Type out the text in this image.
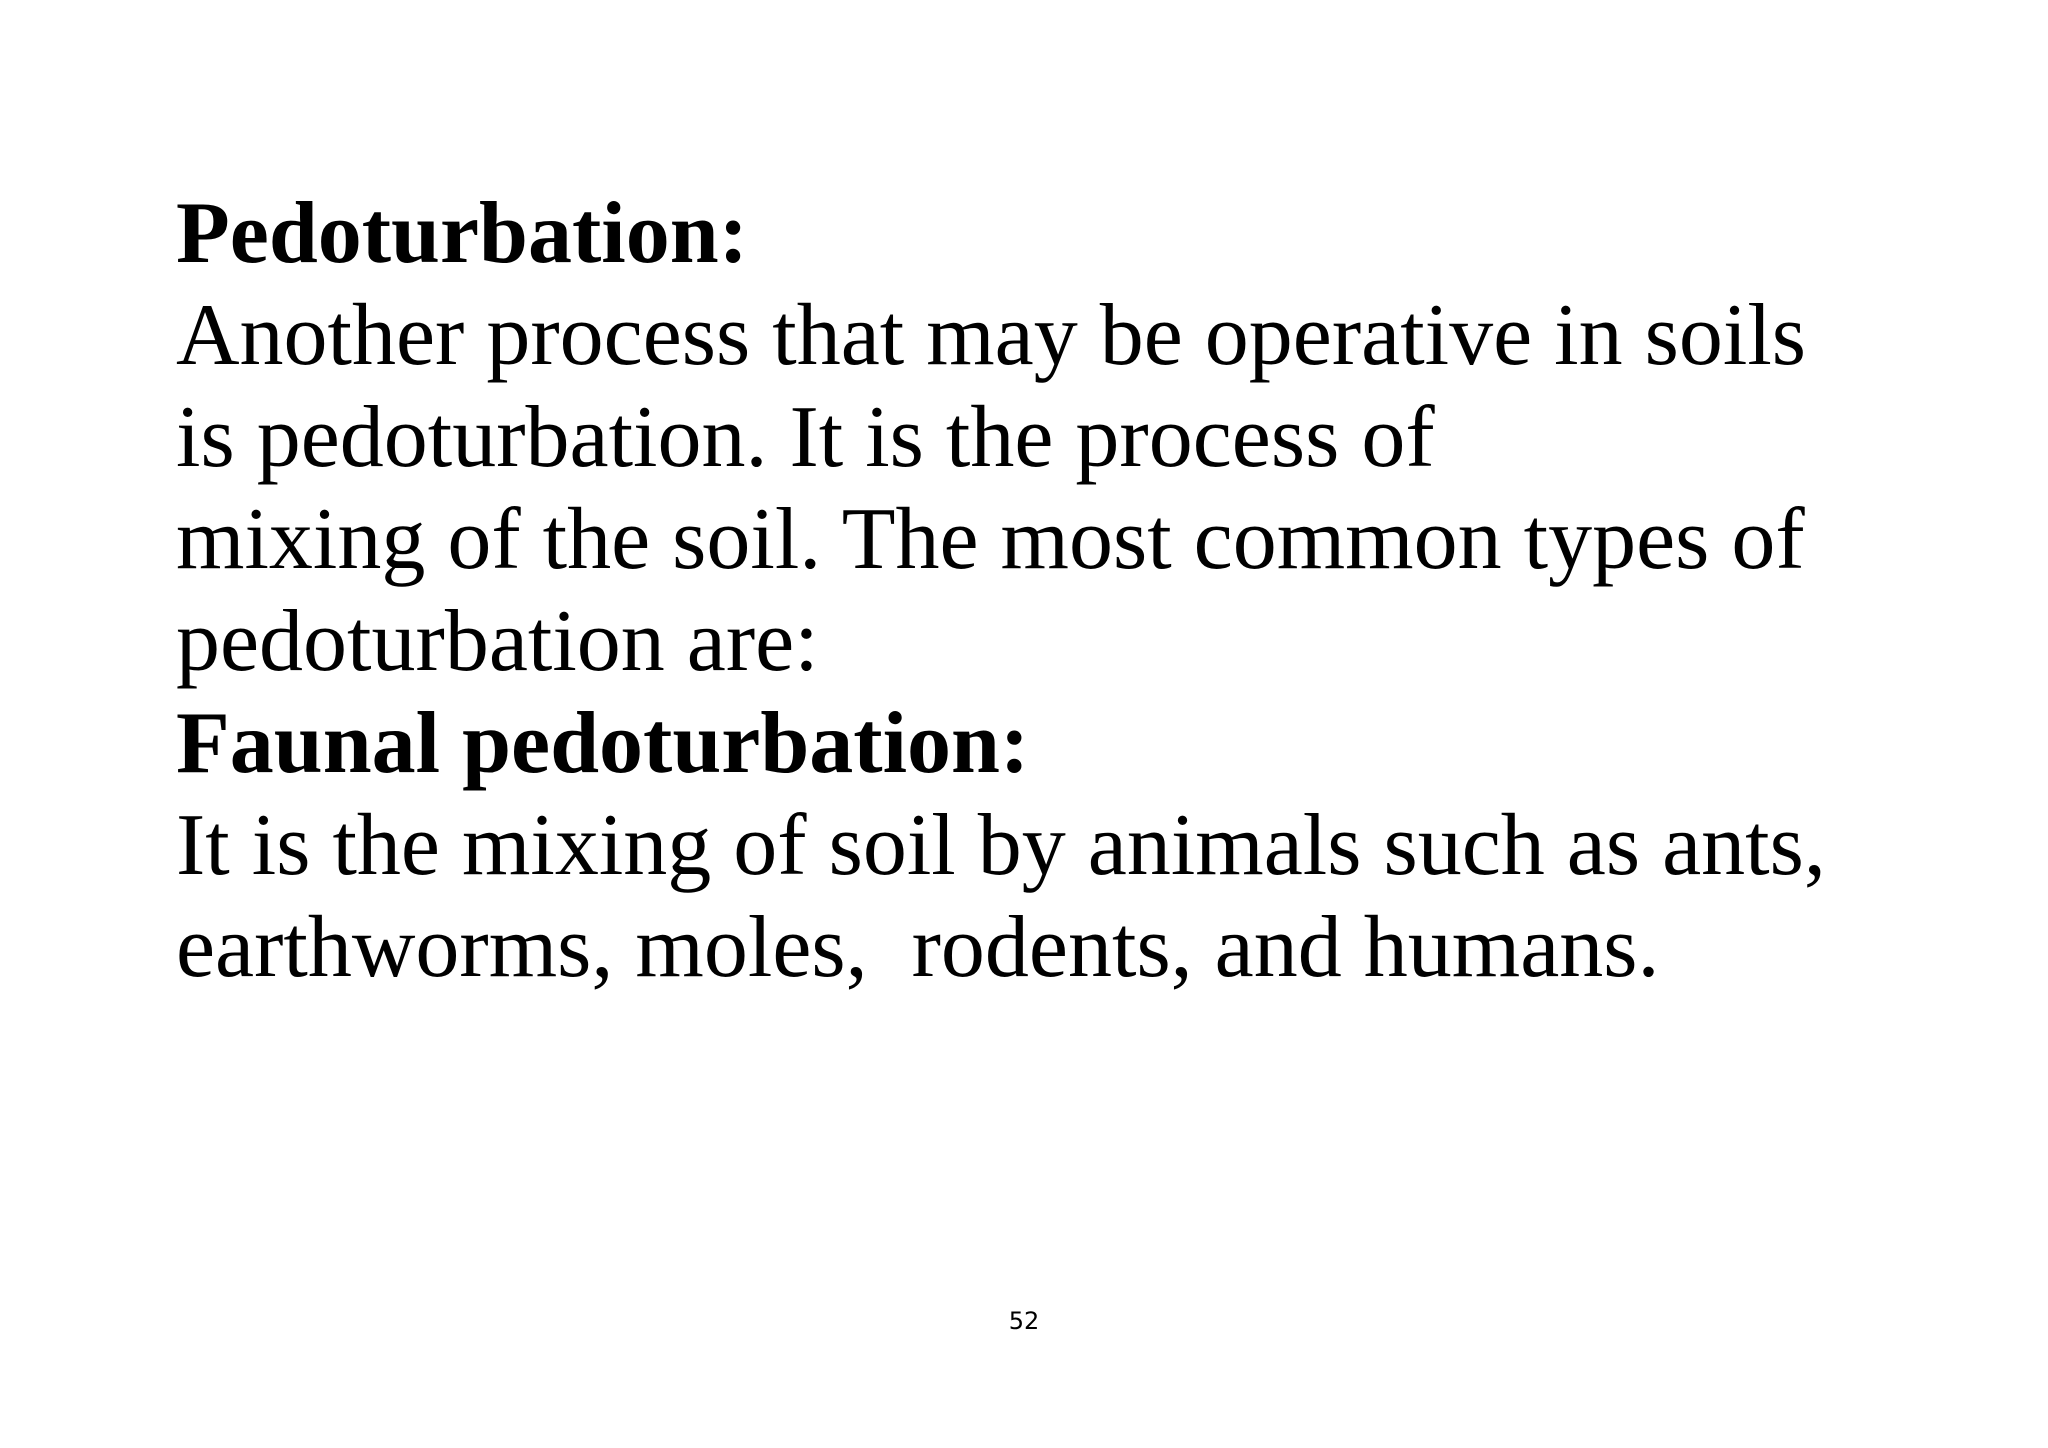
Pedoturbation:
Another process that may be operative in soils
is pedoturbation. It is the process of
mixing of the soil. The most common types of
pedoturbation are:
Faunal pedoturbation:
It is the mixing of soil by animals such as ants,
earthworms, moles,  rodents, and humans.
52
